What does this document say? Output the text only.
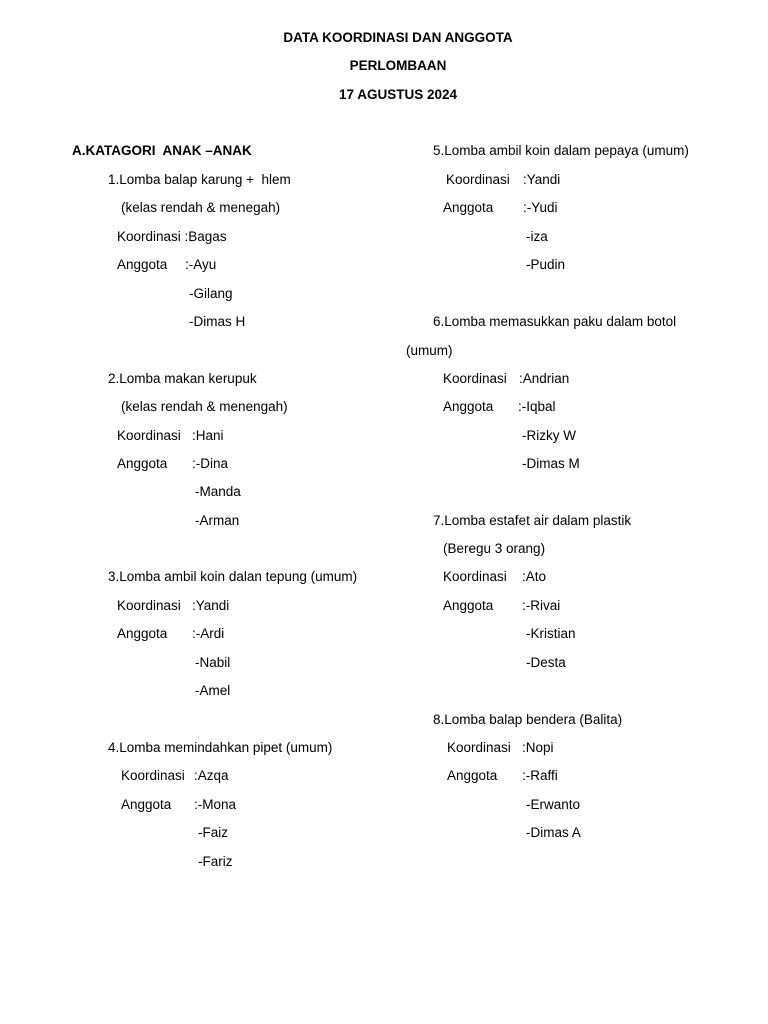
DATA KOORDINASI DAN ANGGOTA
PERLOMBAAN
17 AGUSTUS 2024
A.KATAGORI  ANAK –ANAK
1.Lomba balap karung +  hlem
(kelas rendah & menegah)
Koordinasi :Bagas
Anggota :-Ayu
-Gilang
-Dimas H
2.Lomba makan kerupuk
(kelas rendah & menengah)
Koordinasi :Hani
Anggota :-Dina
-Manda
-Arman
3.Lomba ambil koin dalan tepung (umum)
Koordinasi :Yandi
Anggota :-Ardi
-Nabil
-Amel
4.Lomba memindahkan pipet (umum)
Koordinasi :Azqa
Anggota :-Mona
-Faiz
-Fariz
5.Lomba ambil koin dalam pepaya (umum)
Koordinasi :Yandi
Anggota :-Yudi
-iza
-Pudin
6.Lomba memasukkan paku dalam botol
(umum)
Koordinasi :Andrian
Anggota :-Iqbal
-Rizky W
-Dimas M
7.Lomba estafet air dalam plastik
(Beregu 3 orang)
Koordinasi :Ato
Anggota :-Rivai
-Kristian
-Desta
8.Lomba balap bendera (Balita)
Koordinasi :Nopi
Anggota :-Raffi
-Erwanto
-Dimas A
